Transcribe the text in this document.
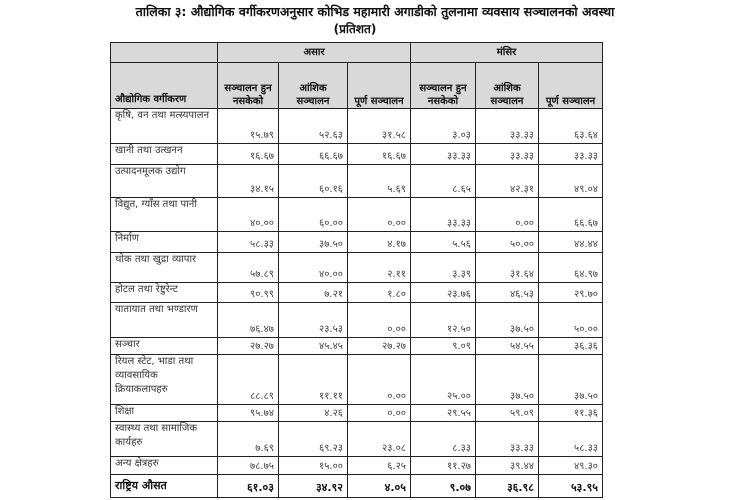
तालिका ३: औद्योगिक वर्गीकरणअनुसार कोभिड महामारी अगाडीको तुलनामा व्यवसाय सञ्चालनको अवस्था
(प्रतिशत)
	असार			मंसिर		
औद्योगिक वर्गीकरण	सञ्चालन हुन नसकेको	आंशिक सञ्चालन	पूर्ण सञ्चालन	सञ्चालन हुन नसकेको	आंशिक सञ्चालन	पूर्ण सञ्चालन
कृषि, वन तथा मत्स्यपालन	१५.७९	५२.६३	३१.५८	३.०३	३३.३३	६३.६४
खानी तथा उत्खनन	१६.६७	६६.६७	१६.६७	३३.३३	३३.३३	३३.३३
उत्पादनमूलक उद्योग	३४.१५	६०.१६	५.६९	८.६५	४२.३१	४९.०४
विद्युत, ग्याँस तथा पानी	४०.००	६०.००	०.००	३३.३३	०.००	६६.६७
निर्माण	५८.३३	३७.५०	४.१७	५.५६	५०.००	४४.४४
थोक तथा खुद्रा व्यापार	५७.८९	४०.००	२.११	३.३९	३१.६४	६४.९७
होटल तथा रेष्टुरेन्ट	९०.९९	७.२१	१.८०	२३.७६	४६.५३	२९.७०
यातायात तथा भण्डारण	७६.४७	२३.५३	०.००	१२.५०	३७.५०	५०.००
सञ्चार	२७.२७	४५.४५	२७.२७	९.०९	५४.५५	३६.३६
रियल स्टेट, भाडा तथा व्यावसायिक क्रियाकलापहरु	८८.८९	११.११	०.००	२५.००	३७.५०	३७.५०
शिक्षा	९५.७४	४.२६	०.००	२९.५५	५९.०९	११.३६
स्वास्थ्य तथा सामाजिक कार्यहरु	७.६९	६९.२३	२३.०८	८.३३	३३.३३	५८.३३
अन्य क्षेत्रहरु	७८.७५	१५.००	६.२५	११.२७	३९.४४	४९.३०
राष्ट्रिय औसत	६१.०३	३४.९२	४.०५	९.०७	३६.९८	५३.९५
